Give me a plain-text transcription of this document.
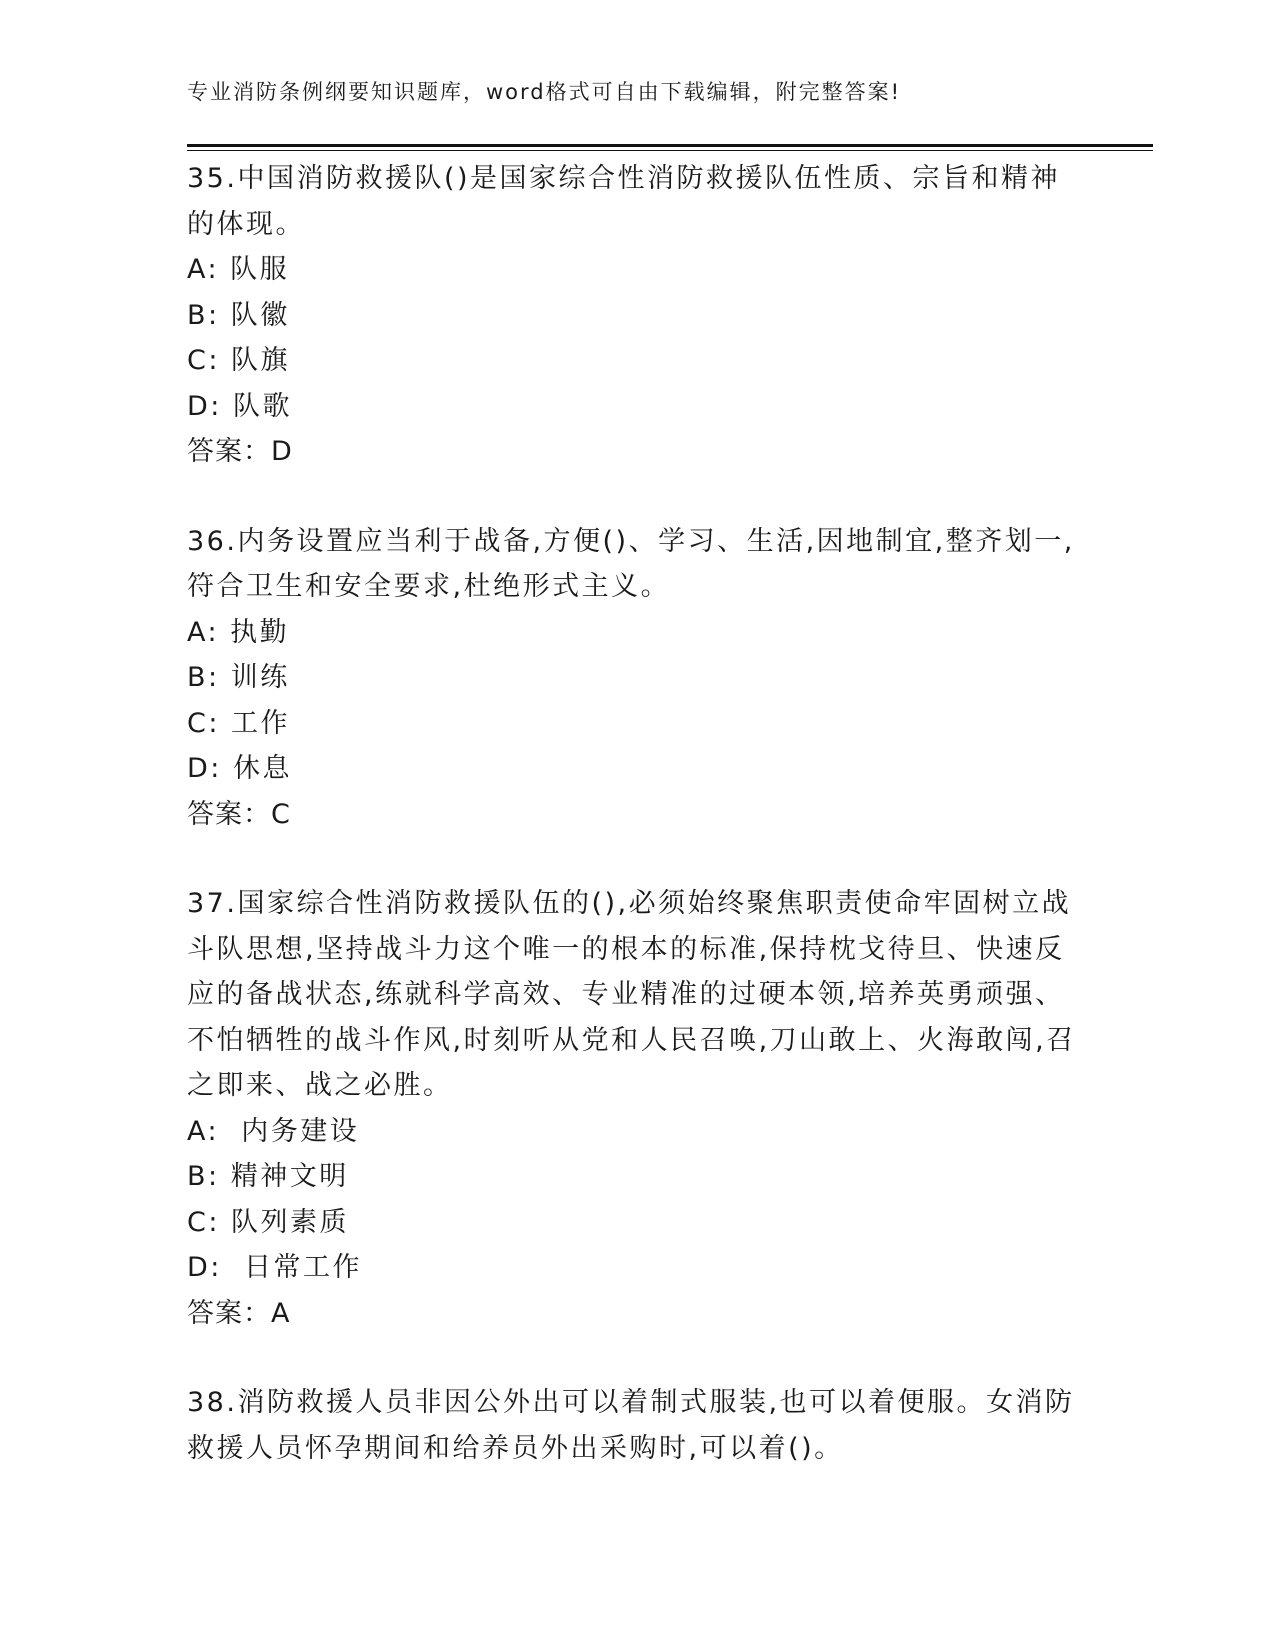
专业消防条例纲要知识题库，word格式可自由下载编辑，附完整答案!

35.中国消防救援队()是国家综合性消防救援队伍性质、宗旨和精神的体现。

A: 队服

B: 队徽

C: 队旗

D: 队歌

答案：D

36.内务设置应当利于战备,方便()、学习、生活,因地制宜,整齐划一,符合卫生和安全要求,杜绝形式主义。

A: 执勤

B: 训练

C: 工作

D: 休息

答案：C

37.国家综合性消防救援队伍的(),必须始终聚焦职责使命牢固树立战斗队思想,坚持战斗力这个唯一的根本的标准,保持枕戈待旦、快速反应的备战状态,练就科学高效、专业精准的过硬本领,培养英勇顽强、不怕牺牲的战斗作风,时刻听从党和人民召唤,刀山敢上、火海敢闯,召之即来、战之必胜。

A:  内务建设

B: 精神文明

C: 队列素质

D:  日常工作

答案：A

38.消防救援人员非因公外出可以着制式服装,也可以着便服。女消防救援人员怀孕期间和给养员外出采购时,可以着()。
